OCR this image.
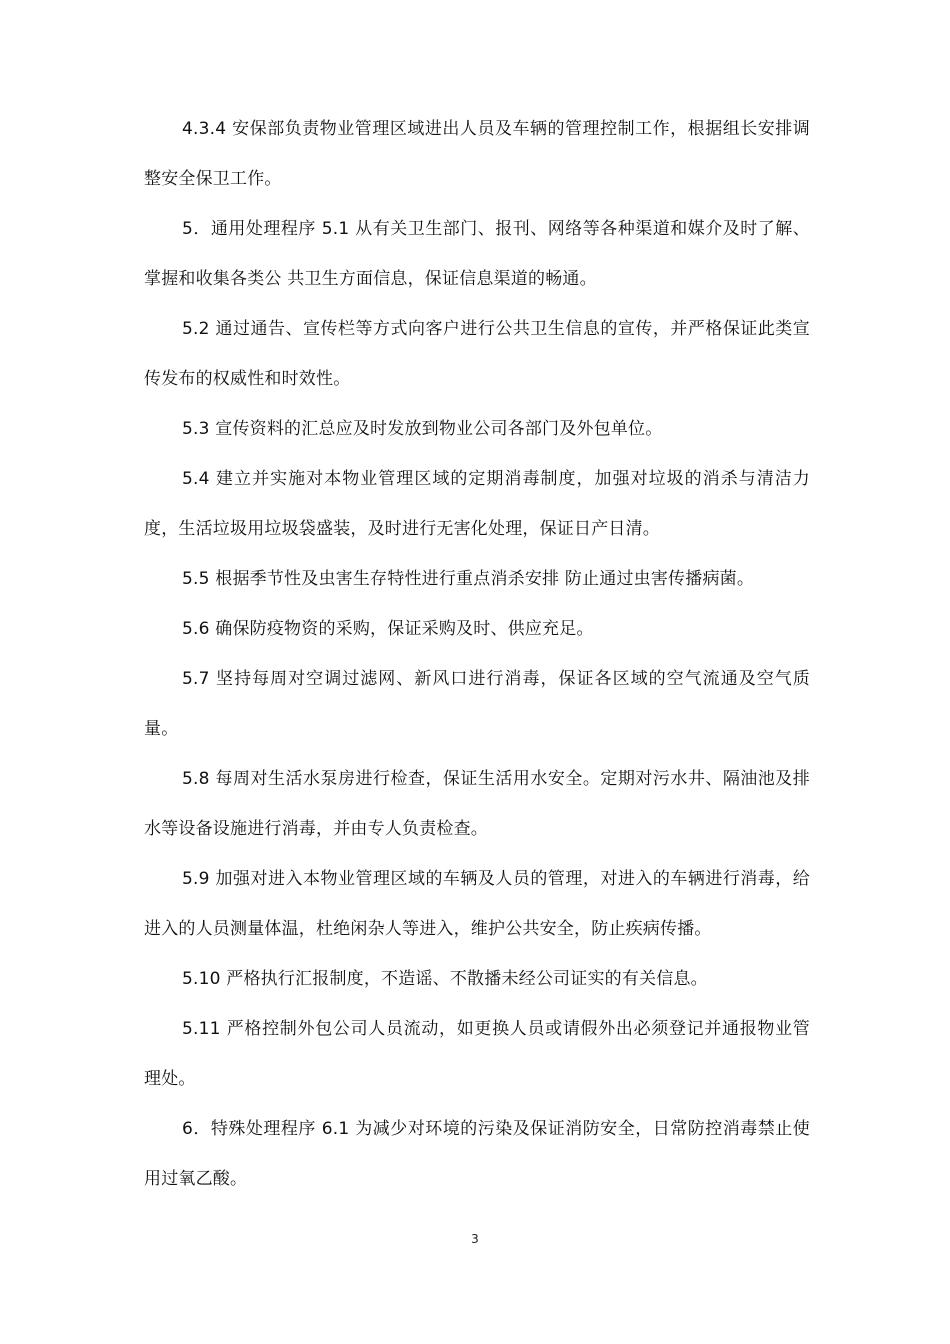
4.3.4 安保部负责物业管理区域进出人员及车辆的管理控制工作，根据组长安排调整安全保卫工作。

5．通用处理程序 5.1 从有关卫生部门、报刊、网络等各种渠道和媒介及时了解、掌握和收集各类公 共卫生方面信息，保证信息渠道的畅通。

5.2 通过通告、宣传栏等方式向客户进行公共卫生信息的宣传，并严格保证此类宣传发布的权威性和时效性。

5.3 宣传资料的汇总应及时发放到物业公司各部门及外包单位。

5.4 建立并实施对本物业管理区域的定期消毒制度，加强对垃圾的消杀与清洁力度，生活垃圾用垃圾袋盛装，及时进行无害化处理，保证日产日清。

5.5 根据季节性及虫害生存特性进行重点消杀安排 防止通过虫害传播病菌。

5.6 确保防疫物资的采购，保证采购及时、供应充足。

5.7 坚持每周对空调过滤网、新风口进行消毒，保证各区域的空气流通及空气质量。

5.8 每周对生活水泵房进行检查，保证生活用水安全。定期对污水井、隔油池及排水等设备设施进行消毒，并由专人负责检查。

5.9 加强对进入本物业管理区域的车辆及人员的管理，对进入的车辆进行消毒，给进入的人员测量体温，杜绝闲杂人等进入，维护公共安全，防止疾病传播。

5.10 严格执行汇报制度，不造谣、不散播未经公司证实的有关信息。

5.11 严格控制外包公司人员流动，如更换人员或请假外出必须登记并通报物业管理处。

6．特殊处理程序 6.1 为减少对环境的污染及保证消防安全，日常防控消毒禁止使用过氧乙酸。

3
